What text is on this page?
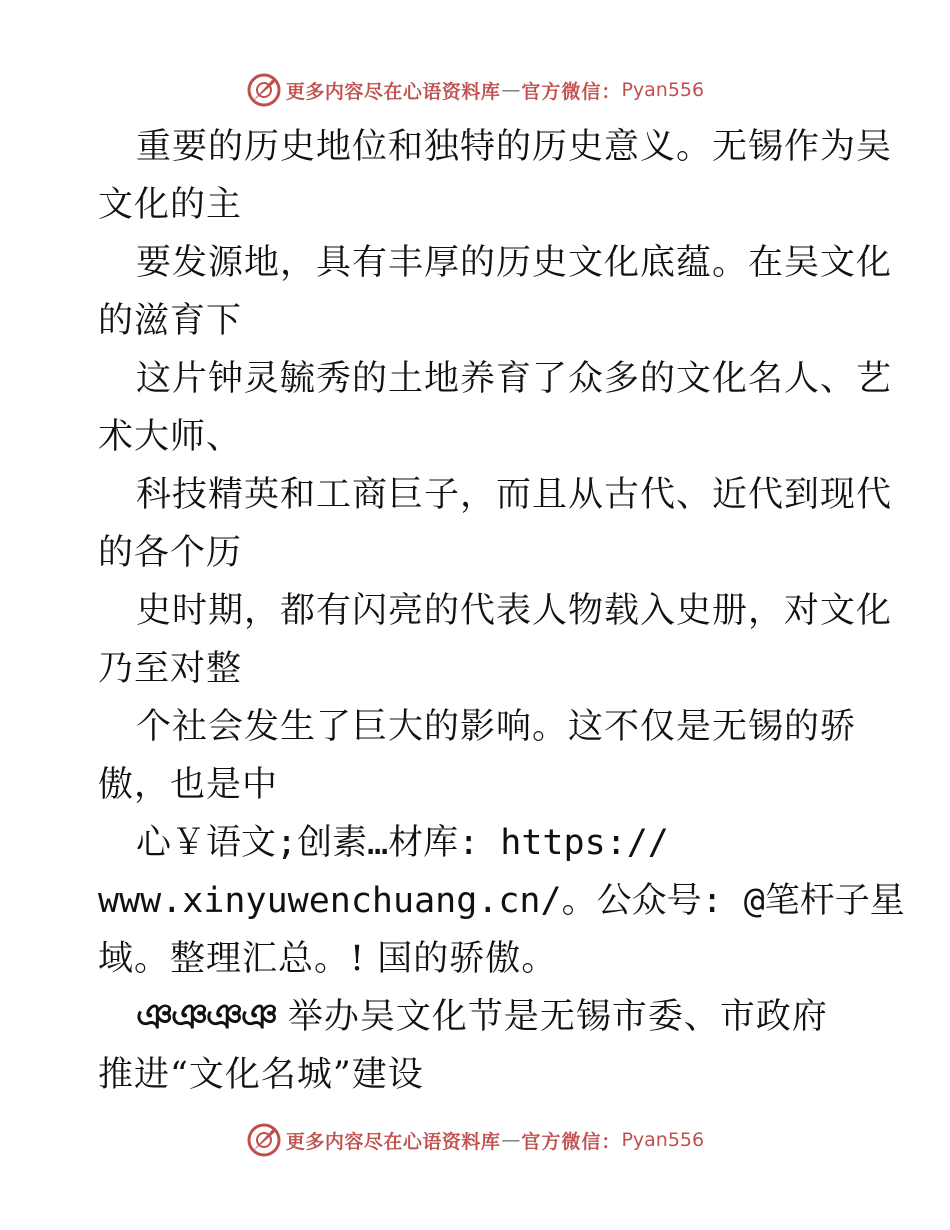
更多内容尽在心语资料库 — 官方微信： Pyan556
重要的历史地位和独特的历史意义。无锡作为吴
文化的主
要发源地，具有丰厚的历史文化底蕴。在吴文化
的滋育下
这片钟灵毓秀的土地养育了众多的文化名人、艺
术大师、
科技精英和工商巨子，而且从古代、近代到现代
的各个历
史时期，都有闪亮的代表人物载入史册，对文化
乃至对整
个社会发生了巨大的影响。这不仅是无锡的骄
傲，也是中
心￥语文;创素…材库: https://
www.xinyuwenchuang.cn/。公众号: @笔杆子星
域。整理汇总。! 国的骄傲。
ঞঞঞঞ 举办吴文化节是无锡市委、市政府
推进“文化名城”建设
更多内容尽在心语资料库 — 官方微信： Pyan556
